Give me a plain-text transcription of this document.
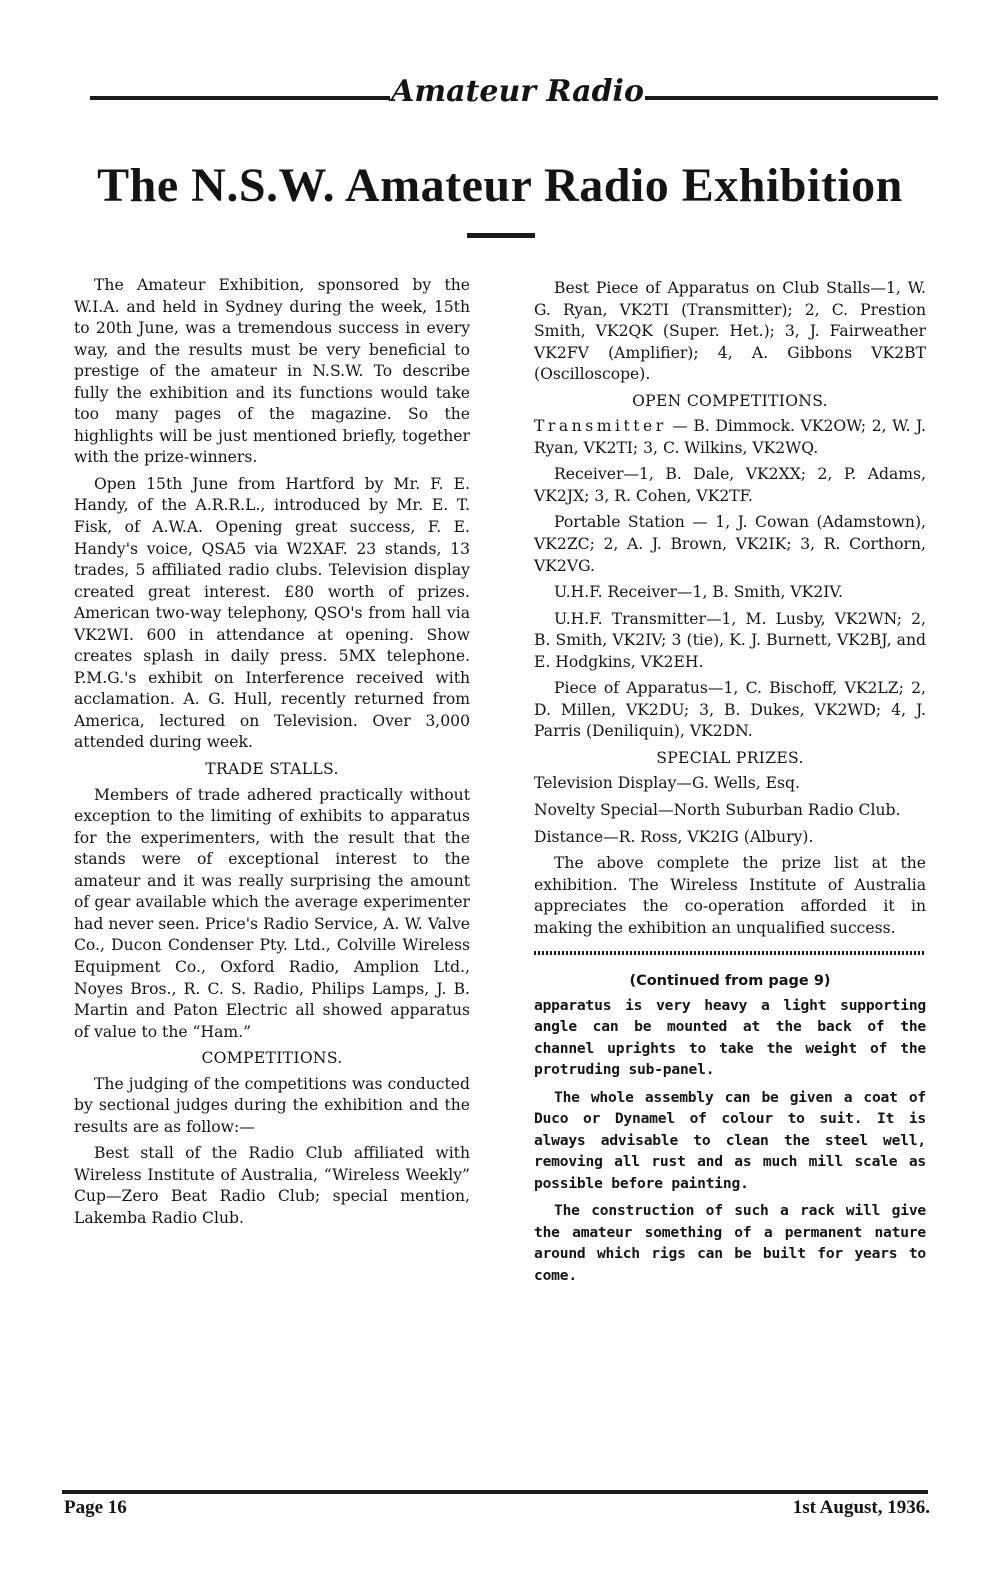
Amateur Radio
The N.S.W. Amateur Radio Exhibition

The Amateur Exhibition, sponsored by the W.I.A. and held in Sydney during the week, 15th to 20th June, was a tremendous success in every way, and the results must be very beneficial to prestige of the amateur in N.S.W. To describe fully the exhibition and its functions would take too many pages of the magazine. So the highlights will be just mentioned briefly, together with the prize-winners.

Open 15th June from Hartford by Mr. F. E. Handy, of the A.R.R.L., introduced by Mr. E. T. Fisk, of A.W.A. Opening great success, F. E. Handy's voice, QSA5 via W2XAF. 23 stands, 13 trades, 5 affiliated radio clubs. Television display created great interest. £80 worth of prizes. American two-way telephony, QSO's from hall via VK2WI. 600 in attendance at opening. Show creates splash in daily press. 5MX telephone. P.M.G.'s exhibit on Interference received with acclamation. A. G. Hull, recently returned from America, lectured on Television. Over 3,000 attended during week.

TRADE STALLS.

Members of trade adhered practically without exception to the limiting of exhibits to apparatus for the experimenters, with the result that the stands were of exceptional interest to the amateur and it was really surprising the amount of gear available which the average experimenter had never seen. Price's Radio Service, A. W. Valve Co., Ducon Condenser Pty. Ltd., Colville Wireless Equipment Co., Oxford Radio, Amplion Ltd., Noyes Bros., R. C. S. Radio, Philips Lamps, J. B. Martin and Paton Electric all showed apparatus of value to the “Ham.”

COMPETITIONS.

The judging of the competitions was conducted by sectional judges during the exhibition and the results are as follow:—

Best stall of the Radio Club affiliated with Wireless Institute of Australia, “Wireless Weekly” Cup—Zero Beat Radio Club; special mention, Lakemba Radio Club.

Best Piece of Apparatus on Club Stalls—1, W. G. Ryan, VK2TI (Transmitter); 2, C. Prestion Smith, VK2QK (Super. Het.); 3, J. Fairweather VK2FV (Amplifier); 4, A. Gibbons VK2BT (Oscilloscope).

OPEN COMPETITIONS.

Transmitter — B. Dimmock. VK2OW; 2, W. J. Ryan, VK2TI; 3, C. Wilkins, VK2WQ.

Receiver—1, B. Dale, VK2XX; 2, P. Adams, VK2JX; 3, R. Cohen, VK2TF.

Portable Station — 1, J. Cowan (Adamstown), VK2ZC; 2, A. J. Brown, VK2IK; 3, R. Corthorn, VK2VG.

U.H.F. Receiver—1, B. Smith, VK2IV.

U.H.F. Transmitter—1, M. Lusby, VK2WN; 2, B. Smith, VK2IV; 3 (tie), K. J. Burnett, VK2BJ, and E. Hodgkins, VK2EH.

Piece of Apparatus—1, C. Bischoff, VK2LZ; 2, D. Millen, VK2DU; 3, B. Dukes, VK2WD; 4, J. Parris (Deniliquin), VK2DN.

SPECIAL PRIZES.

Television Display—G. Wells, Esq.

Novelty Special—North Suburban Radio Club.

Distance—R. Ross, VK2IG (Albury).

The above complete the prize list at the exhibition. The Wireless Institute of Australia appreciates the co-operation afforded it in making the exhibition an unqualified success.

(Continued from page 9)

apparatus is very heavy a light supporting angle can be mounted at the back of the channel uprights to take the weight of the protruding sub-panel.

The whole assembly can be given a coat of Duco or Dynamel of colour to suit. It is always advisable to clean the steel well, removing all rust and as much mill scale as possible before painting.

The construction of such a rack will give the amateur something of a permanent nature around which rigs can be built for years to come.

Page 16	1st August, 1936.
